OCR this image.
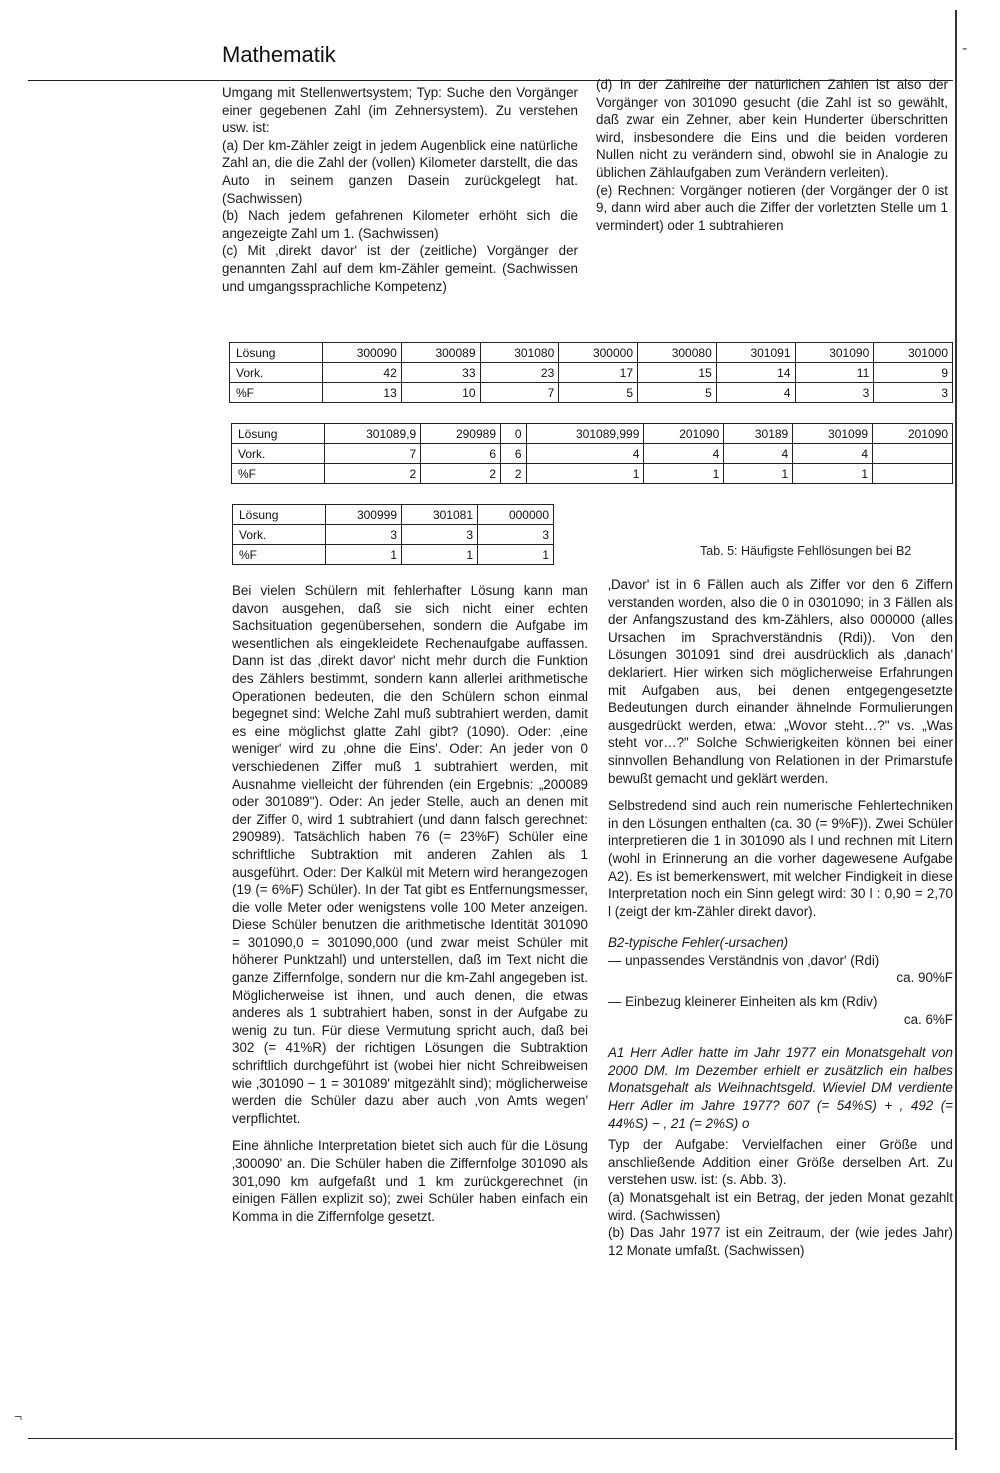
Mathematik	-

Umgang mit Stellenwertsystem; Typ: Suche den Vorgänger einer gegebenen Zahl (im Zehnersystem). Zu verstehen usw. ist:

(a) Der km-Zähler zeigt in jedem Augenblick eine natürliche Zahl an, die die Zahl der (vollen) Kilometer darstellt, die das Auto in seinem ganzen Dasein zurückgelegt hat. (Sachwissen)

(b) Nach jedem gefahrenen Kilometer erhöht sich die angezeigte Zahl um 1. (Sachwissen)

(c) Mit ‚direkt davor' ist der (zeitliche) Vorgänger der genannten Zahl auf dem km-Zähler gemeint. (Sachwissen und umgangssprachliche Kompetenz)

(d) In der Zählreihe der natürlichen Zahlen ist also der Vorgänger von 301090 gesucht (die Zahl ist so gewählt, daß zwar ein Zehner, aber kein Hunderter überschritten wird, insbesondere die Eins und die beiden vorderen Nullen nicht zu verändern sind, obwohl sie in Analogie zu üblichen Zählaufgaben zum Verändern verleiten).

(e) Rechnen: Vorgänger notieren (der Vorgänger der 0 ist 9, dann wird aber auch die Ziffer der vorletzten Stelle um 1 vermindert) oder 1 subtrahieren

Lösung	300090	300089	301080	300000	300080	301091	301090	301000
Vork.	42	33	23	17	15	14	11	9
%F	13	10	7	5	5	4	3	3
Lösung	301089,9	290989	0	301089,999	201090	30189	301099	201090
Vork.	7	6	6	4	4	4	4	
%F	2	2	2	1	1	1	1	
Lösung	300999	301081	000000
Vork.	3	3	3
%F	1	1	1	Tab. 5: Häufigste Fehllösungen bei B2

Bei vielen Schülern mit fehlerhafter Lösung kann man davon ausgehen, daß sie sich nicht einer echten Sachsituation gegenübersehen, sondern die Aufgabe im wesentlichen als eingekleidete Rechenaufgabe auffassen. Dann ist das ‚direkt davor' nicht mehr durch die Funktion des Zählers bestimmt, sondern kann allerlei arithmetische Operationen bedeuten, die den Schülern schon einmal begegnet sind: Welche Zahl muß subtrahiert werden, damit es eine möglichst glatte Zahl gibt? (1090). Oder: ‚eine weniger' wird zu ‚ohne die Eins'. Oder: An jeder von 0 verschiedenen Ziffer muß 1 subtrahiert werden, mit Ausnahme vielleicht der führenden (ein Ergebnis: „200089 oder 301089"). Oder: An jeder Stelle, auch an denen mit der Ziffer 0, wird 1 subtrahiert (und dann falsch gerechnet: 290989). Tatsächlich haben 76 (= 23%F) Schüler eine schriftliche Subtraktion mit anderen Zahlen als 1 ausgeführt. Oder: Der Kalkül mit Metern wird herangezogen (19 (= 6%F) Schüler). In der Tat gibt es Entfernungsmesser, die volle Meter oder wenigstens volle 100 Meter anzeigen. Diese Schüler benutzen die arithmetische Identität 301090 = 301090,0 = 301090,000 (und zwar meist Schüler mit höherer Punktzahl) und unterstellen, daß im Text nicht die ganze Ziffernfolge, sondern nur die km-Zahl angegeben ist. Möglicherweise ist ihnen, und auch denen, die etwas anderes als 1 subtrahiert haben, sonst in der Aufgabe zu wenig zu tun. Für diese Vermutung spricht auch, daß bei 302 (= 41%R) der richtigen Lösungen die Subtraktion schriftlich durchgeführt ist (wobei hier nicht Schreibweisen wie ‚301090 − 1 = 301089' mitgezählt sind); möglicherweise werden die Schüler dazu aber auch ‚von Amts wegen' verpflichtet.

Eine ähnliche Interpretation bietet sich auch für die Lösung ‚300090' an. Die Schüler haben die Ziffernfolge 301090 als 301,090 km aufgefaßt und 1 km zurückgerechnet (in einigen Fällen explizit so); zwei Schüler haben einfach ein Komma in die Ziffernfolge gesetzt.

‚Davor' ist in 6 Fällen auch als Ziffer vor den 6 Ziffern verstanden worden, also die 0 in 0301090; in 3 Fällen als der Anfangszustand des km-Zählers, also 000000 (alles Ursachen im Sprachverständnis (Rdi)). Von den Lösungen 301091 sind drei ausdrücklich als ‚danach' deklariert. Hier wirken sich möglicherweise Erfahrungen mit Aufgaben aus, bei denen entgegengesetzte Bedeutungen durch einander ähnelnde Formulierungen ausgedrückt werden, etwa: „Wovor steht…?" vs. „Was steht vor…?" Solche Schwierigkeiten können bei einer sinnvollen Behandlung von Relationen in der Primarstufe bewußt gemacht und geklärt werden.

Selbstredend sind auch rein numerische Fehlertechniken in den Lösungen enthalten (ca. 30 (= 9%F)). Zwei Schüler interpretieren die 1 in 301090 als l und rechnen mit Litern (wohl in Erinnerung an die vorher dagewesene Aufgabe A2). Es ist bemerkenswert, mit welcher Findigkeit in diese Interpretation noch ein Sinn gelegt wird: 30 l : 0,90 = 2,70 l (zeigt der km-Zähler direkt davor).

B2-typische Fehler(-ursachen)

— unpassendes Verständnis von ‚davor' (Rdi)

ca. 90%F

— Einbezug kleinerer Einheiten als km (Rdiv)

ca. 6%F

A1 Herr Adler hatte im Jahr 1977 ein Monatsgehalt von 2000 DM. Im Dezember erhielt er zusätzlich ein halbes Monatsgehalt als Weihnachtsgeld. Wieviel DM verdiente Herr Adler im Jahre 1977? 607 (= 54%S) + , 492 (= 44%S) − , 21 (= 2%S) o

Typ der Aufgabe: Vervielfachen einer Größe und anschließende Addition einer Größe derselben Art. Zu verstehen usw. ist: (s. Abb. 3).

(a) Monatsgehalt ist ein Betrag, der jeden Monat gezahlt wird. (Sachwissen)

(b) Das Jahr 1977 ist ein Zeitraum, der (wie jedes Jahr) 12 Monate umfaßt. (Sachwissen)

¬
